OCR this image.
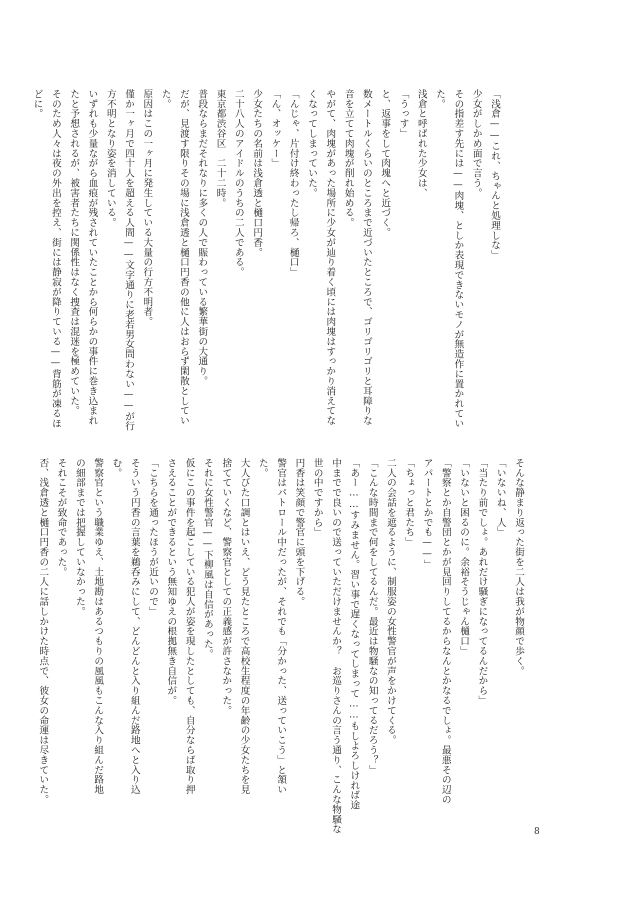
「浅倉——これ、ちゃんと処理しな」
少女がしかめ面で言う。
その指差す先には——肉塊、としか表現できないモノが無造作に置かれてい
た。
浅倉と呼ばれた少女は、
「うっす」
と、返事をして肉塊へと近づく。
数メートルくらいのところまで近づいたところで、ゴリゴリゴリと耳障りな
音を立てて肉塊が削れ始める。
やがて、肉塊があった場所に少女が辿り着く頃には肉塊はすっかり消えてな
くなってしまっていた。
「んじゃ、片付け終わったし帰ろ、樋口」
「ん、オッケー」
少女たちの名前は浅倉透と樋口円香。
二十八人のアイドルのうちの二人である。
東京都渋谷区　二十二時。
普段ならまだそれなりに多くの人で賑わっている繁華街の大通り。
だが、見渡す限りその場に浅倉透と樋口円香の他に人はおらず閑散としてい
た。
原因はこの一ヶ月に発生している大量の行方不明者。
僅か一ヶ月で四十人を超える人間——文字通りに老若男女問わない——が行
方不明となり姿を消している。
いずれも少量ながら血痕が残されていたことから何らかの事件に巻き込まれ
たと予想されるが、被害者たちに関係性はなく捜査は混迷を極めていた。
そのため人々は夜の外出を控え、街には静寂が降りている——背筋が凍るほ
どに。
そんな静まり返った街を二人は我が物顔で歩く。
「いないね、人」
「当たり前でしょ。あれだけ騒ぎになってるんだから」
「いないと困るのに。余裕そうじゃん樋口」
「警察とか自警団とかが見回りしてるからなんとかなるでしょ。最悪その辺の
アパートとかでも——」
「ちょっと君たち」
二人の会話を遮るように、制服姿の女性警官が声をかけてくる。
「こんな時間まで何をしてるんだ。最近は物騒なの知ってるだろう？」
「あー……すみません。習い事で遅くなってしまって……もしよろしければ途
中までで良いので送っていただけませんか？　お巡りさんの言う通り、こんな物騒な
世の中ですから」
円香は笑顔で警官に頭を下げる。
警官はパトロール中だったが、それでも「分かった、送っていこう」と頷い
た。
大人びた口調とはいえ、どう見たところで高校生程度の年齢の少女たちを見
捨てていくなど、警察官としての正義感が許さなかった。
それに女性警官——下柳風は自信があった。
仮にこの事件を起こしている犯人が姿を現したとしても、自分ならば取り押
さえることができるという無知ゆえの根拠無き自信が。
「こちらを通ったほうが近いので」
そういう円香の言葉を鵜呑みにして、どんどんと入り組んだ路地へと入り込
む。
警察官という職業ゆえ、土地勘はあるつもりの風風もこんな入り組んだ路地
の細部までは把握していなかった。
それこそが致命であった。
否、浅倉透と樋口円香の二人に話しかけた時点で、彼女の命運は尽きていた。
8
